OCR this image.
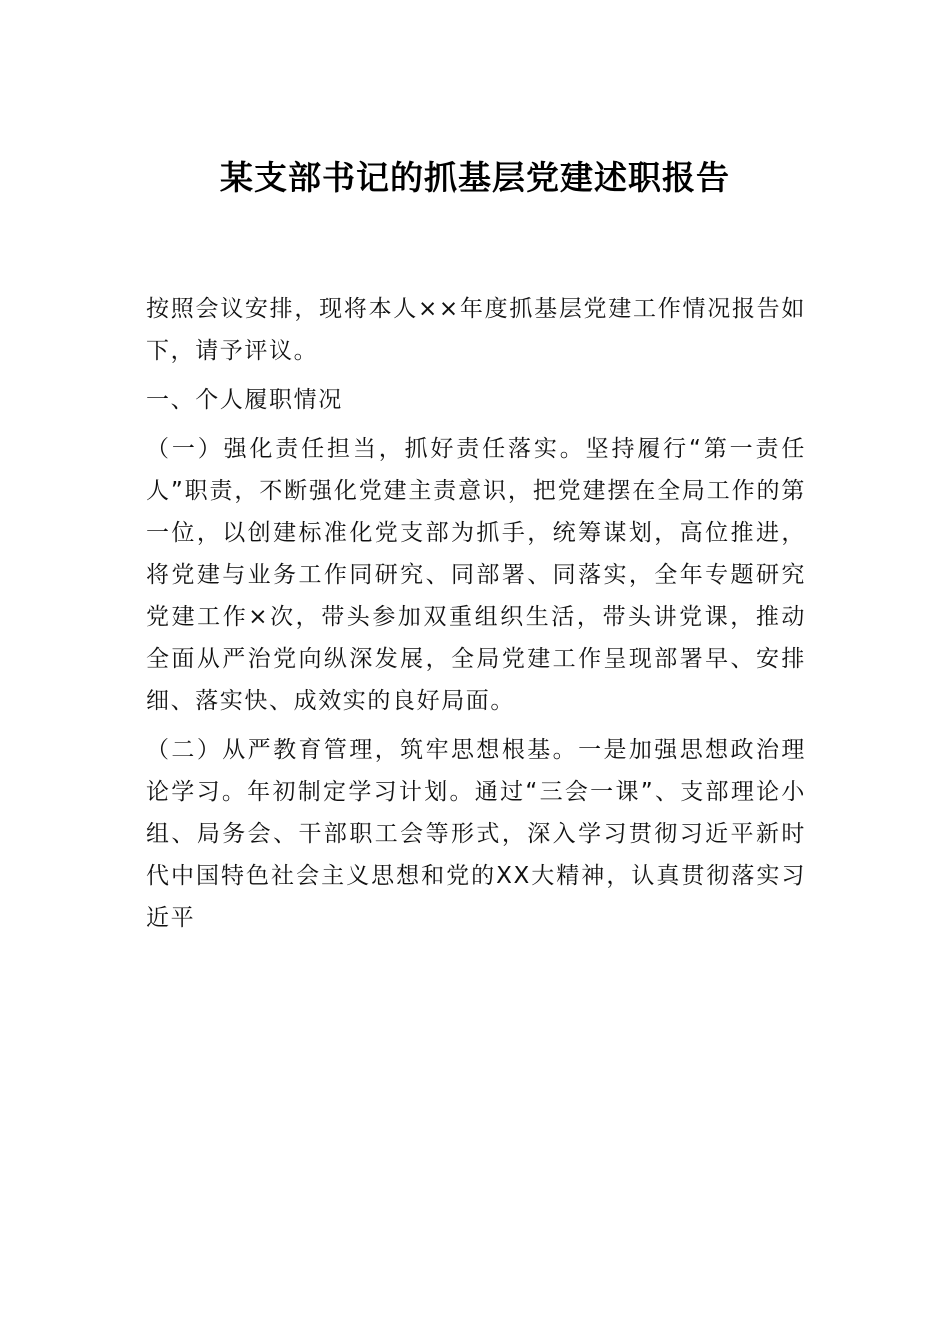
某支部书记的抓基层党建述职报告

按照会议安排，现将本人××年度抓基层党建工作情况报告如下，请予评议。

一、个人履职情况

（一）强化责任担当，抓好责任落实。坚持履行“第一责任人”职责，不断强化党建主责意识，把党建摆在全局工作的第一位，以创建标准化党支部为抓手，统筹谋划，高位推进，将党建与业务工作同研究、同部署、同落实，全年专题研究党建工作×次，带头参加双重组织生活，带头讲党课，推动全面从严治党向纵深发展，全局党建工作呈现部署早、安排细、落实快、成效实的良好局面。

（二）从严教育管理，筑牢思想根基。一是加强思想政治理论学习。年初制定学习计划。通过“三会一课”、支部理论小组、局务会、干部职工会等形式，深入学习贯彻习近平新时代中国特色社会主义思想和党的XX大精神，认真贯彻落实习近平
